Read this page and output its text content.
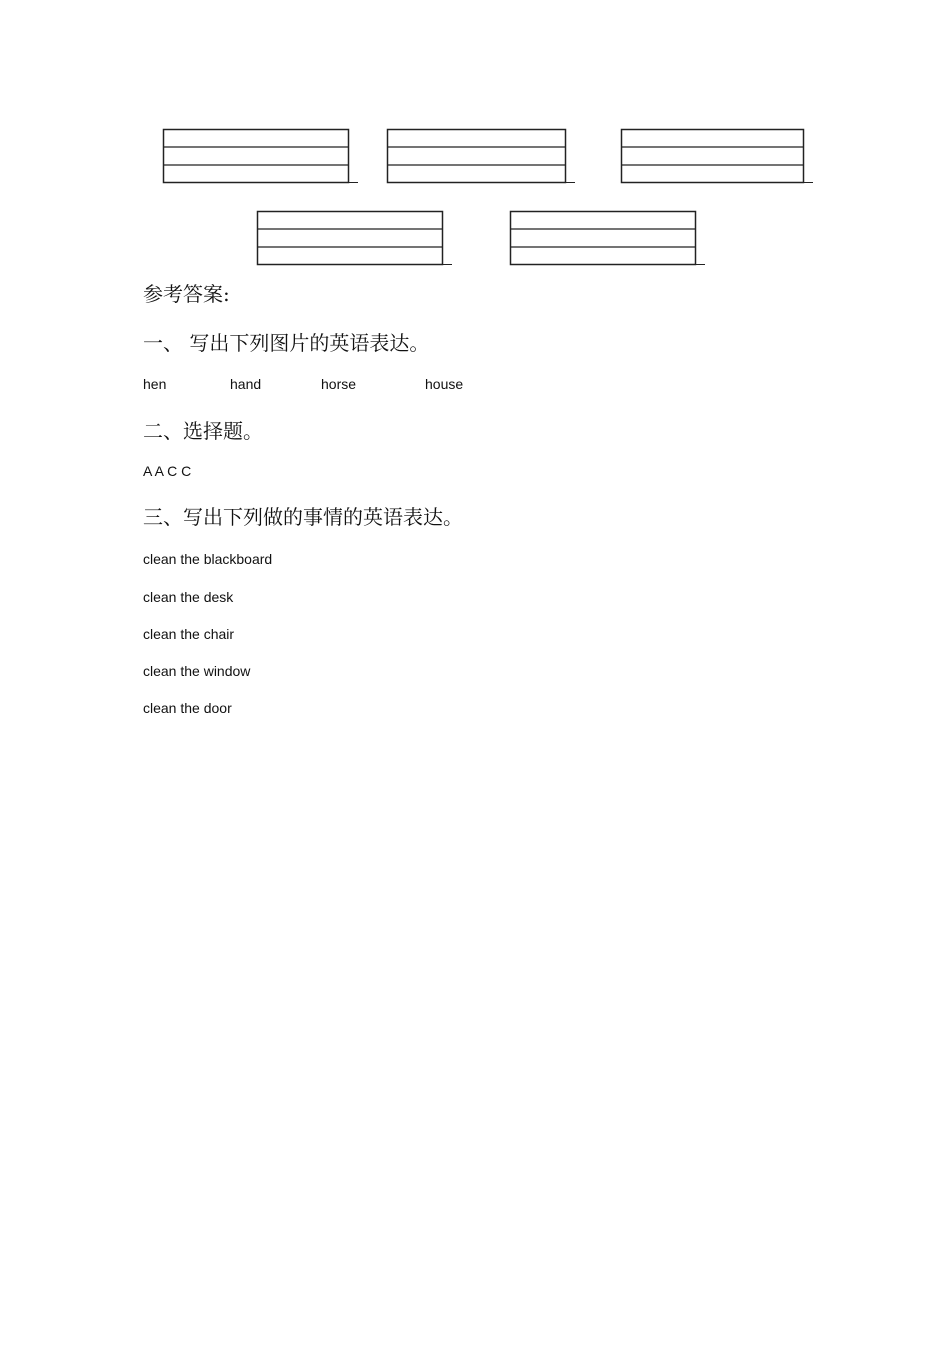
参考答案:
一、 写出下列图片的英语表达。
hen	hand	horse	house
二、选择题。
A A C C
三、写出下列做的事情的英语表达。
clean the blackboard
clean the desk
clean the chair
clean the window
clean the door
